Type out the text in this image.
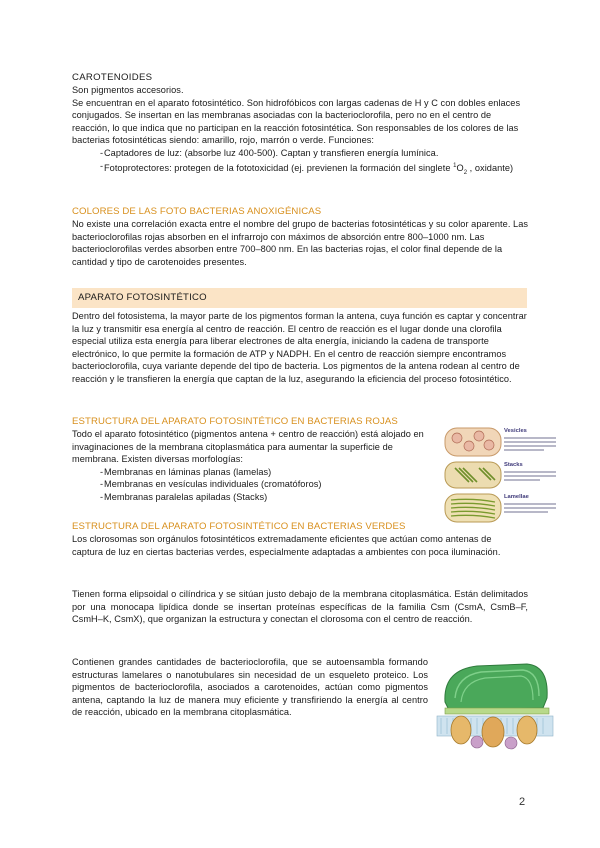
CAROTENOIDES

Son pigmentos accesorios.

Se encuentran en el aparato fotosintético. Son hidrofóbicos con largas cadenas de H y C con dobles enlaces conjugados. Se insertan en las membranas asociadas con la bacterioclorofila, pero no en el centro de reacción, lo que indica que no participan en la reacción fotosintética. Son responsables de los colores de las bacterias fotosintéticas siendo: amarillo, rojo, marrón o verde. Funciones:

- Captadores de luz: (absorbe luz 400-500). Captan y transfieren energía lumínica.
- Fotoprotectores: protegen de la fototoxicidad (ej. previenen la formación del singlete $^1O_2$ , oxidante)

COLORES DE LAS FOTO BACTERIAS ANOXIGÉNICAS

No existe una correlación exacta entre el nombre del grupo de bacterias fotosintéticas y su color aparente. Las bacterioclorofilas rojas absorben en el infrarrojo con máximos de absorción entre 800–1000 nm. Las bacterioclorofilas verdes absorben entre 700–800 nm. En las bacterias rojas, el color final depende de la cantidad y tipo de carotenoides presentes.

APARATO FOTOSINTÉTICO

Dentro del fotosistema, la mayor parte de los pigmentos forman la antena, cuya función es captar y concentrar la luz y transmitir esa energía al centro de reacción. El centro de reacción es el lugar donde una clorofila especial utiliza esta energía para liberar electrones de alta energía, iniciando la cadena de transporte electrónico, lo que permite la formación de ATP y NADPH. En el centro de reacción siempre encontramos bacterioclorofila, cuya variante depende del tipo de bacteria. Los pigmentos de la antena rodean al centro de reacción y le transfieren la energía que captan de la luz, asegurando la eficiencia del proceso fotosintético.

ESTRUCTURA DEL APARATO FOTOSINTÉTICO EN BACTERIAS ROJAS

Todo el aparato fotosintético (pigmentos antena + centro de reacción) está alojado en invaginaciones de la membrana citoplasmática para aumentar la superficie de membrana. Existen diversas morfologías:

- Membranas en láminas planas (lamelas)
- Membranas en vesículas individuales (cromatóforos)
- Membranas paralelas apiladas (Stacks)
Vesicles
Stacks
Lamellae

ESTRUCTURA DEL APARATO FOTOSINTÉTICO EN BACTERIAS VERDES

Los clorosomas son orgánulos fotosintéticos extremadamente eficientes que actúan como antenas de captura de luz en ciertas bacterias verdes, especialmente adaptadas a ambientes con poca iluminación.

Tienen forma elipsoidal o cilíndrica y se sitúan justo debajo de la membrana citoplasmática. Están delimitados por una monocapa lipídica donde se insertan proteínas específicas de la familia Csm (CsmA, CsmB–F, CsmH–K, CsmX), que organizan la estructura y conectan el clorosoma con el centro de reacción.

Contienen grandes cantidades de bacterioclorofila, que se autoensambla formando estructuras lamelares o nanotubulares sin necesidad de un esqueleto proteico. Los pigmentos de bacterioclorofila, asociados a carotenoides, actúan como pigmentos antena, captando la luz de manera muy eficiente y transfiriendo la energía al centro de reacción, ubicado en la membrana citoplasmática.

2
